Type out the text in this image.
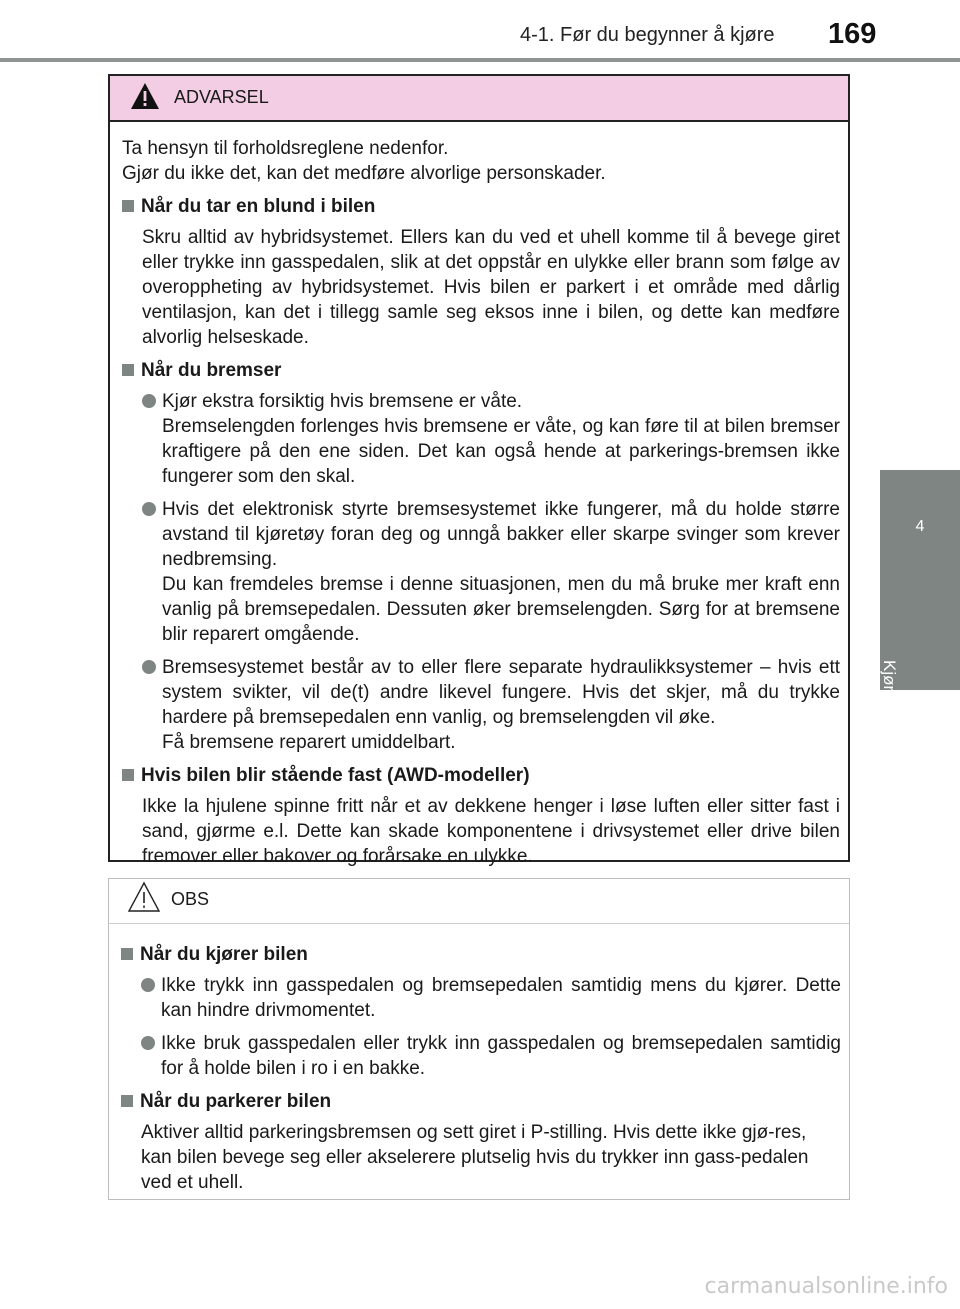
4-1. Før du begynner å kjøre 169
4
Kjøring
ADVARSEL

Ta hensyn til forholdsreglene nedenfor.

Gjør du ikke det, kan det medføre alvorlige personskader.

Når du tar en blund i bilen

Skru alltid av hybridsystemet. Ellers kan du ved et uhell komme til å bevege giret eller trykke inn gasspedalen, slik at det oppstår en ulykke eller brann som følge av overoppheting av hybridsystemet. Hvis bilen er parkert i et område med dårlig ventilasjon, kan det i tillegg samle seg eksos inne i bilen, og dette kan medføre alvorlig helseskade.

Når du bremser

Kjør ekstra forsiktig hvis bremsene er våte.

Bremselengden forlenges hvis bremsene er våte, og kan føre til at bilen bremser kraftigere på den ene siden. Det kan også hende at parkerings-bremsen ikke fungerer som den skal.

Hvis det elektronisk styrte bremsesystemet ikke fungerer, må du holde større avstand til kjøretøy foran deg og unngå bakker eller skarpe svinger som krever nedbremsing.

Du kan fremdeles bremse i denne situasjonen, men du må bruke mer kraft enn vanlig på bremsepedalen. Dessuten øker bremselengden. Sørg for at bremsene blir reparert omgående.

Bremsesystemet består av to eller flere separate hydraulikksystemer – hvis ett system svikter, vil de(t) andre likevel fungere. Hvis det skjer, må du trykke hardere på bremsepedalen enn vanlig, og bremselengden vil øke.

Få bremsene reparert umiddelbart.

Hvis bilen blir stående fast (AWD-modeller)

Ikke la hjulene spinne fritt når et av dekkene henger i løse luften eller sitter fast i sand, gjørme e.l. Dette kan skade komponentene i drivsystemet eller drive bilen fremover eller bakover og forårsake en ulykke.

OBS
Når du kjører bilen

Ikke trykk inn gasspedalen og bremsepedalen samtidig mens du kjører. Dette kan hindre drivmomentet.

Ikke bruk gasspedalen eller trykk inn gasspedalen og bremsepedalen samtidig for å holde bilen i ro i en bakke.

Når du parkerer bilen

Aktiver alltid parkeringsbremsen og sett giret i P-stilling. Hvis dette ikke gjø-res, kan bilen bevege seg eller akselerere plutselig hvis du trykker inn gass-pedalen ved et uhell.

carmanualsonline.info
